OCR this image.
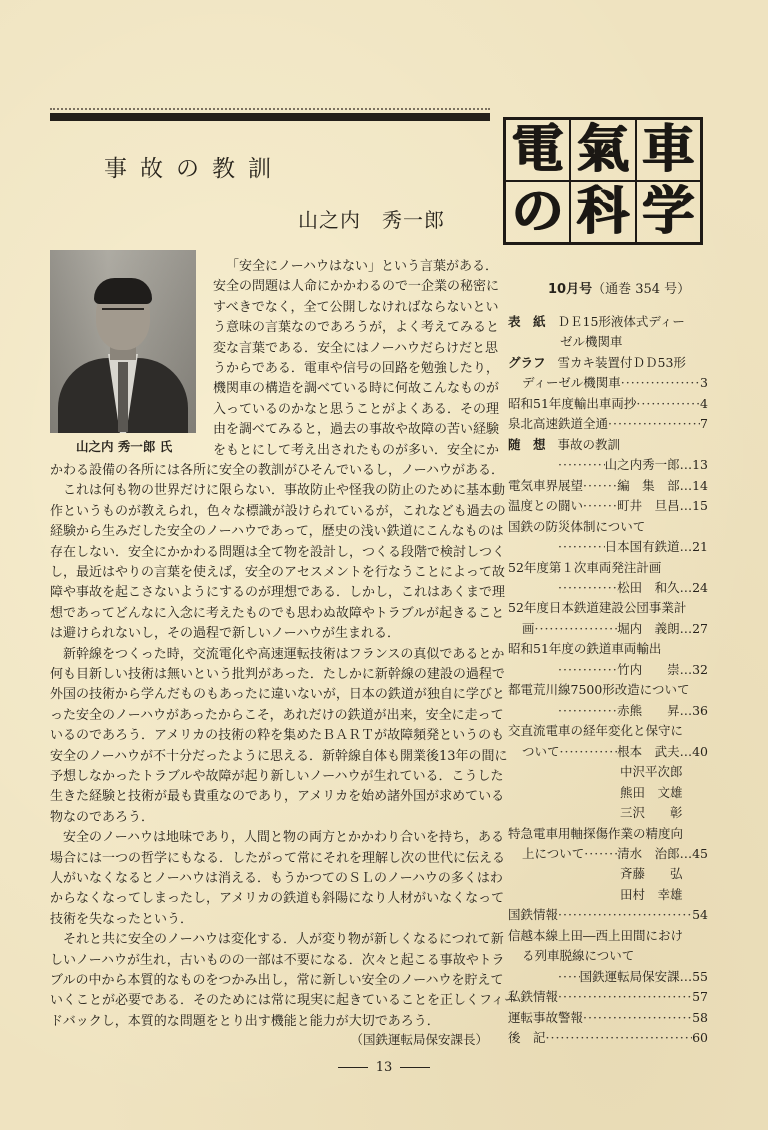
事故の教訓
山之内　秀一郎
電 氣 車
の 科 学
山之内 秀一郎 氏
「安全にノーハウはない」という言葉がある．
安全の問題は人命にかかわるので一企業の秘密に
すべきでなく，全て公開しなければならないとい
う意味の言葉なのであろうが，よく考えてみると
変な言葉である．安全にはノーハウだらけだと思
うからである．電車や信号の回路を勉強したり，
機関車の構造を調べている時に何故こんなものが
入っているのかなと思うことがよくある．その理
由を調べてみると，過去の事故や故障の苦い経験
をもとにして考え出されたものが多い．安全にか
かわる設備の各所には各所に安全の教訓がひそんでいるし，ノーハウがある．
これは何も物の世界だけに限らない．事故防止や怪我の防止のために基本動
作というものが教えられ，色々な標識が設けられているが，これなども過去の
経験から生みだした安全のノーハウであって，歴史の浅い鉄道にこんなものは
存在しない．安全にかかわる問題は全て物を設計し，つくる段階で検討しつく
し，最近はやりの言葉を使えば，安全のアセスメントを行なうことによって故
障や事故を起こさないようにするのが理想である．しかし，これはあくまで理
想であってどんなに入念に考えたものでも思わぬ故障やトラブルが起きること
は避けられないし，その過程で新しいノーハウが生まれる．
新幹線をつくった時，交流電化や高速運転技術はフランスの真似であるとか
何も目新しい技術は無いという批判があった．たしかに新幹線の建設の過程で
外国の技術から学んだものもあったに違いないが，日本の鉄道が独自に学びと
った安全のノーハウがあったからこそ，あれだけの鉄道が出来，安全に走って
いるのであろう．アメリカの技術の粋を集めたＢＡＲＴが故障頻発というのも
安全のノーハウが不十分だったように思える．新幹線自体も開業後13年の間に
予想しなかったトラブルや故障が起り新しいノーハウが生れている．こうした
生きた経験と技術が最も貴重なのであり，アメリカを始め諸外国が求めている
物なのであろう．
安全のノーハウは地味であり，人間と物の両方とかかわり合いを持ち，ある
場合には一つの哲学にもなる．したがって常にそれを理解し次の世代に伝える
人がいなくなるとノーハウは消える．もうかつてのＳＬのノーハウの多くはわ
からなくなってしまったし，アメリカの鉄道も斜陽になり人材がいなくなって
技術を失なったという．
それと共に安全のノーハウは変化する．人が変り物が新しくなるにつれて新
しいノーハウが生れ，古いものの一部は不要になる．次々と起こる事故やトラ
ブルの中から本質的なものをつかみ出し，常に新しい安全のノーハウを貯えて
いくことが必要である．そのためには常に現実に起きていることを正しくフィー
ドバックし，本質的な問題をとり出す機能と能力が大切であろう．
（国鉄運転局保安課長）
10月号（通巻 354 号）
表　紙 ＤＥ15形液体式ディー
ゼル機関車
グラフ 雪カキ装置付ＤＤ53形
ディーゼル機関車 ·····	3
昭和51年度輸出車両抄 ·····	4
泉北高速鉄道全通 ·····	7
随　想 事故の教訓
·····
山之内秀一郎 … 13
電気車界展望 ·····	編　集　部 … 14
温度との闘い ·····	町井　旦昌 … 15
国鉄の防災体制について
·····
日本国有鉄道 … 21
52年度第１次車両発注計画
·····
松田　和久 … 24
52年度日本鉄道建設公団事業計
画 ·····	堀内　義朗 … 27
昭和51年度の鉄道車両輸出
·····
竹内　　崇 … 32
都電荒川線7500形改造について
·····
赤熊　　昇 … 36
交直流電車の経年変化と保守に
ついて ·····	根本　武夫 … 40
中沢平次郎
熊田　文雄
三沢　　彰
特急電車用軸探傷作業の精度向
上について ·····	清水　治郎 … 45
斉藤　　弘
田村　幸雄
国鉄情報 ·····	54
信越本線上田―西上田間におけ
る列車脱線について
·····
国鉄運転局保安課 … 55
私鉄情報 ·····	57
運転事故警報 ·····	58
後　記 ·····	60
13
